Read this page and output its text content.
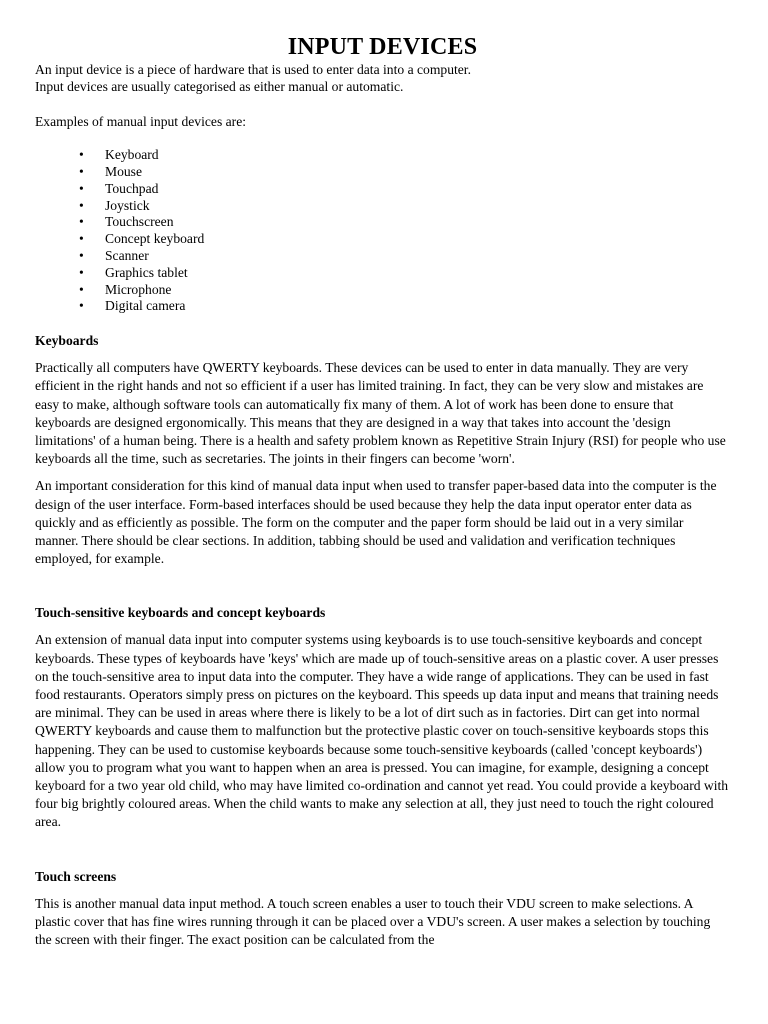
INPUT DEVICES

An input device is a piece of hardware that is used to enter data into a computer.

Input devices are usually categorised as either manual or automatic.

Examples of manual input devices are:

• Keyboard
• Mouse
• Touchpad
• Joystick
• Touchscreen
• Concept keyboard
• Scanner
• Graphics tablet
• Microphone
• Digital camera
Keyboards

Practically all computers have QWERTY keyboards. These devices can be used to enter in data manually. They are very efficient in the right hands and not so efficient if a user has limited training. In fact, they can be very slow and mistakes are easy to make, although software tools can automatically fix many of them. A lot of work has been done to ensure that keyboards are designed ergonomically. This means that they are designed in a way that takes into account the 'design limitations' of a human being. There is a health and safety problem known as Repetitive Strain Injury (RSI) for people who use keyboards all the time, such as secretaries. The joints in their fingers can become 'worn'.

An important consideration for this kind of manual data input when used to transfer paper-based data into the computer is the design of the user interface. Form-based interfaces should be used because they help the data input operator enter data as quickly and as efficiently as possible. The form on the computer and the paper form should be laid out in a very similar manner. There should be clear sections. In addition, tabbing should be used and validation and verification techniques employed, for example.

Touch-sensitive keyboards and concept keyboards

An extension of manual data input into computer systems using keyboards is to use touch-sensitive keyboards and concept keyboards. These types of keyboards have 'keys' which are made up of touch-sensitive areas on a plastic cover. A user presses on the touch-sensitive area to input data into the computer. They have a wide range of applications. They can be used in fast food restaurants. Operators simply press on pictures on the keyboard. This speeds up data input and means that training needs are minimal. They can be used in areas where there is likely to be a lot of dirt such as in factories. Dirt can get into normal QWERTY keyboards and cause them to malfunction but the protective plastic cover on touch-sensitive keyboards stops this happening. They can be used to customise keyboards because some touch-sensitive keyboards (called 'concept keyboards') allow you to program what you want to happen when an area is pressed. You can imagine, for example, designing a concept keyboard for a two year old child, who may have limited co-ordination and cannot yet read. You could provide a keyboard with four big brightly coloured areas. When the child wants to make any selection at all, they just need to touch the right coloured area.

Touch screens

This is another manual data input method. A touch screen enables a user to touch their VDU screen to make selections. A plastic cover that has fine wires running through it can be placed over a VDU's screen. A user makes a selection by touching the screen with their finger. The exact position can be calculated from the
